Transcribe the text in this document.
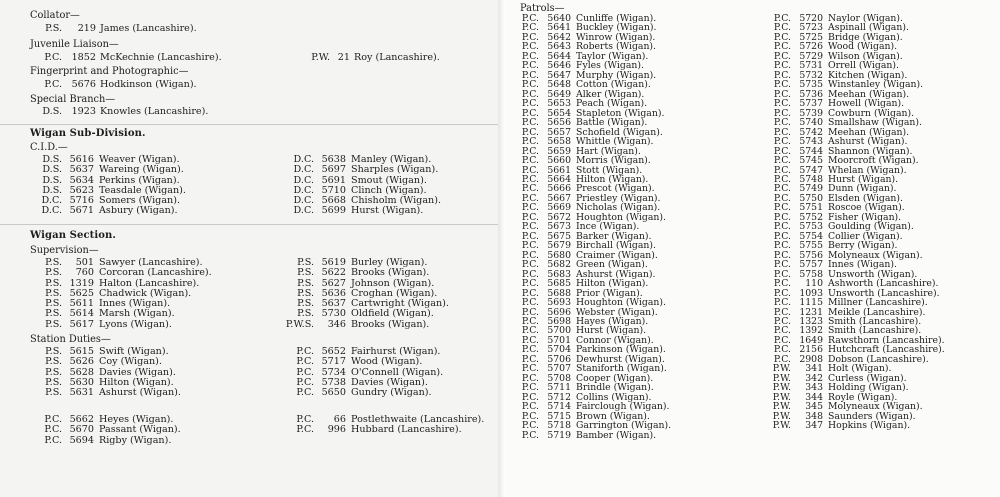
Collator—
P.S. 219 James (Lancashire).
Juvenile Liaison—
P.C. 1852 McKechnie (Lancashire).	P.W. 21 Roy (Lancashire).
Fingerprint and Photographic—
P.C. 5676 Hodkinson (Wigan).
Special Branch—
D.S. 1923 Knowles (Lancashire).
Wigan Sub-Division.
C.I.D.—
D.S. 5616 Weaver (Wigan).
D.S. 5637 Wareing (Wigan).
D.S. 5634 Perkins (Wigan).
D.S. 5623 Teasdale (Wigan).
D.C. 5716 Somers (Wigan).
D.C. 5671 Asbury (Wigan).
D.C. 5638 Manley (Wigan).
D.C. 5697 Sharples (Wigan).
D.C. 5691 Smout (Wigan).
D.C. 5710 Clinch (Wigan).
D.C. 5668 Chisholm (Wigan).
D.C. 5699 Hurst (Wigan).
Wigan Section.
Supervision—
P.S. 501 Sawyer (Lancashire).
P.S. 760 Corcoran (Lancashire).
P.S. 1319 Halton (Lancashire).
P.S. 5625 Chadwick (Wigan).
P.S. 5611 Innes (Wigan).
P.S. 5614 Marsh (Wigan).
P.S. 5617 Lyons (Wigan).
P.S. 5619 Burley (Wigan).
P.S. 5622 Brooks (Wigan).
P.S. 5627 Johnson (Wigan).
P.S. 5636 Croghan (Wigan).
P.S. 5637 Cartwright (Wigan).
P.S. 5730 Oldfield (Wigan).
P.W.S. 346 Brooks (Wigan).
Station Duties—
P.S. 5615 Swift (Wigan).
P.S. 5626 Coy (Wigan).
P.S. 5628 Davies (Wigan).
P.S. 5630 Hilton (Wigan).
P.S. 5631 Ashurst (Wigan).
P.C. 5652 Fairhurst (Wigan).
P.C. 5717 Wood (Wigan).
P.C. 5734 O'Connell (Wigan).
P.C. 5738 Davies (Wigan).
P.C. 5650 Gundry (Wigan).
P.C. 5662 Heyes (Wigan).
P.C. 5670 Passant (Wigan).
P.C. 5694 Rigby (Wigan).
P.C. 66 Postlethwaite (Lancashire).
P.C. 996 Hubbard (Lancashire).
Patrols—
P.C. 5640 Cunliffe (Wigan).
P.C. 5641 Buckley (Wigan).
P.C. 5642 Winrow (Wigan).
P.C. 5643 Roberts (Wigan).
P.C. 5644 Taylor (Wigan).
P.C. 5646 Fyles (Wigan).
P.C. 5647 Murphy (Wigan).
P.C. 5648 Cotton (Wigan).
P.C. 5649 Alker (Wigan).
P.C. 5653 Peach (Wigan).
P.C. 5654 Stapleton (Wigan).
P.C. 5656 Battle (Wigan).
P.C. 5657 Schofield (Wigan).
P.C. 5658 Whittle (Wigan).
P.C. 5659 Hart (Wigan).
P.C. 5660 Morris (Wigan).
P.C. 5661 Stott (Wigan).
P.C. 5664 Hilton (Wigan).
P.C. 5666 Prescot (Wigan).
P.C. 5667 Priestley (Wigan).
P.C. 5669 Nicholas (Wigan).
P.C. 5672 Houghton (Wigan).
P.C. 5673 Ince (Wigan).
P.C. 5675 Barker (Wigan).
P.C. 5679 Birchall (Wigan).
P.C. 5680 Craimer (Wigan).
P.C. 5682 Green (Wigan).
P.C. 5683 Ashurst (Wigan).
P.C. 5685 Hilton (Wigan).
P.C. 5688 Prior (Wigan).
P.C. 5693 Houghton (Wigan).
P.C. 5696 Webster (Wigan).
P.C. 5698 Hayes (Wigan).
P.C. 5700 Hurst (Wigan).
P.C. 5701 Connor (Wigan).
P.C. 5704 Parkinson (Wigan).
P.C. 5706 Dewhurst (Wigan).
P.C. 5707 Staniforth (Wigan).
P.C. 5708 Cooper (Wigan).
P.C. 5711 Brindle (Wigan).
P.C. 5712 Collins (Wigan).
P.C. 5714 Fairclough (Wigan).
P.C. 5715 Brown (Wigan).
P.C. 5718 Garrington (Wigan).
P.C. 5719 Bamber (Wigan).
P.C. 5720 Naylor (Wigan).
P.C. 5723 Aspinall (Wigan).
P.C. 5725 Bridge (Wigan).
P.C. 5726 Wood (Wigan).
P.C. 5729 Wilson (Wigan).
P.C. 5731 Orrell (Wigan).
P.C. 5732 Kitchen (Wigan).
P.C. 5735 Winstanley (Wigan).
P.C. 5736 Meehan (Wigan).
P.C. 5737 Howell (Wigan).
P.C. 5739 Cowburn (Wigan).
P.C. 5740 Smallshaw (Wigan).
P.C. 5742 Meehan (Wigan).
P.C. 5743 Ashurst (Wigan).
P.C. 5744 Shannon (Wigan).
P.C. 5745 Moorcroft (Wigan).
P.C. 5747 Whelan (Wigan).
P.C. 5748 Hurst (Wigan).
P.C. 5749 Dunn (Wigan).
P.C. 5750 Elsden (Wigan).
P.C. 5751 Roscoe (Wigan).
P.C. 5752 Fisher (Wigan).
P.C. 5753 Goulding (Wigan).
P.C. 5754 Collier (Wigan).
P.C. 5755 Berry (Wigan).
P.C. 5756 Molyneaux (Wigan).
P.C. 5757 Innes (Wigan).
P.C. 5758 Unsworth (Wigan).
P.C. 110 Ashworth (Lancashire).
P.C. 1093 Unsworth (Lancashire).
P.C. 1115 Millner (Lancashire).
P.C. 1231 Meikle (Lancashire).
P.C. 1323 Smith (Lancashire).
P.C. 1392 Smith (Lancashire).
P.C. 1649 Rawsthorn (Lancashire).
P.C. 2156 Hutchcraft (Lancashire).
P.C. 2908 Dobson (Lancashire).
P.W. 341 Holt (Wigan).
P.W. 342 Curless (Wigan).
P.W. 343 Holding (Wigan).
P.W. 344 Royle (Wigan).
P.W. 345 Molyneaux (Wigan).
P.W. 348 Saunders (Wigan).
P.W. 347 Hopkins (Wigan).
